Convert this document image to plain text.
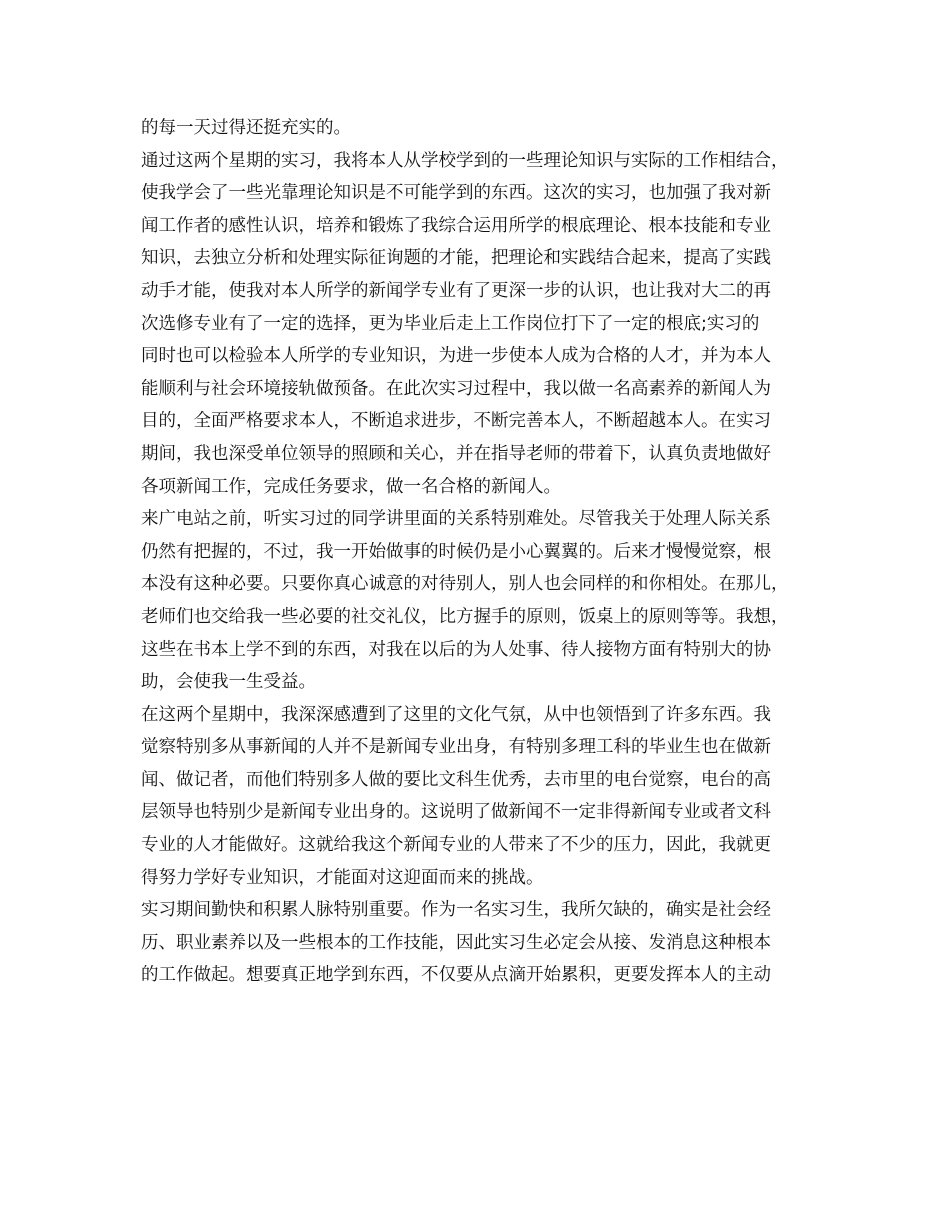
的每一天过得还挺充实的。
通过这两个星期的实习，我将本人从学校学到的一些理论知识与实际的工作相结合，
使我学会了一些光靠理论知识是不可能学到的东西。这次的实习，也加强了我对新
闻工作者的感性认识，培养和锻炼了我综合运用所学的根底理论、根本技能和专业
知识，去独立分析和处理实际征询题的才能，把理论和实践结合起来，提高了实践
动手才能，使我对本人所学的新闻学专业有了更深一步的认识，也让我对大二的再
次选修专业有了一定的选择，更为毕业后走上工作岗位打下了一定的根底;实习的
同时也可以检验本人所学的专业知识，为进一步使本人成为合格的人才，并为本人
能顺利与社会环境接轨做预备。在此次实习过程中，我以做一名高素养的新闻人为
目的，全面严格要求本人，不断追求进步，不断完善本人，不断超越本人。在实习
期间，我也深受单位领导的照顾和关心，并在指导老师的带着下，认真负责地做好
各项新闻工作，完成任务要求，做一名合格的新闻人。
来广电站之前，听实习过的同学讲里面的关系特别难处。尽管我关于处理人际关系
仍然有把握的，不过，我一开始做事的时候仍是小心翼翼的。后来才慢慢觉察，根
本没有这种必要。只要你真心诚意的对待别人，别人也会同样的和你相处。在那儿，
老师们也交给我一些必要的社交礼仪，比方握手的原则，饭桌上的原则等等。我想，
这些在书本上学不到的东西，对我在以后的为人处事、待人接物方面有特别大的协
助，会使我一生受益。
在这两个星期中，我深深感遭到了这里的文化气氛，从中也领悟到了许多东西。我
觉察特别多从事新闻的人并不是新闻专业出身，有特别多理工科的毕业生也在做新
闻、做记者，而他们特别多人做的要比文科生优秀，去市里的电台觉察，电台的高
层领导也特别少是新闻专业出身的。这说明了做新闻不一定非得新闻专业或者文科
专业的人才能做好。这就给我这个新闻专业的人带来了不少的压力，因此，我就更
得努力学好专业知识，才能面对这迎面而来的挑战。
实习期间勤快和积累人脉特别重要。作为一名实习生，我所欠缺的，确实是社会经
历、职业素养以及一些根本的工作技能，因此实习生必定会从接、发消息这种根本
的工作做起。想要真正地学到东西，不仅要从点滴开始累积，更要发挥本人的主动
